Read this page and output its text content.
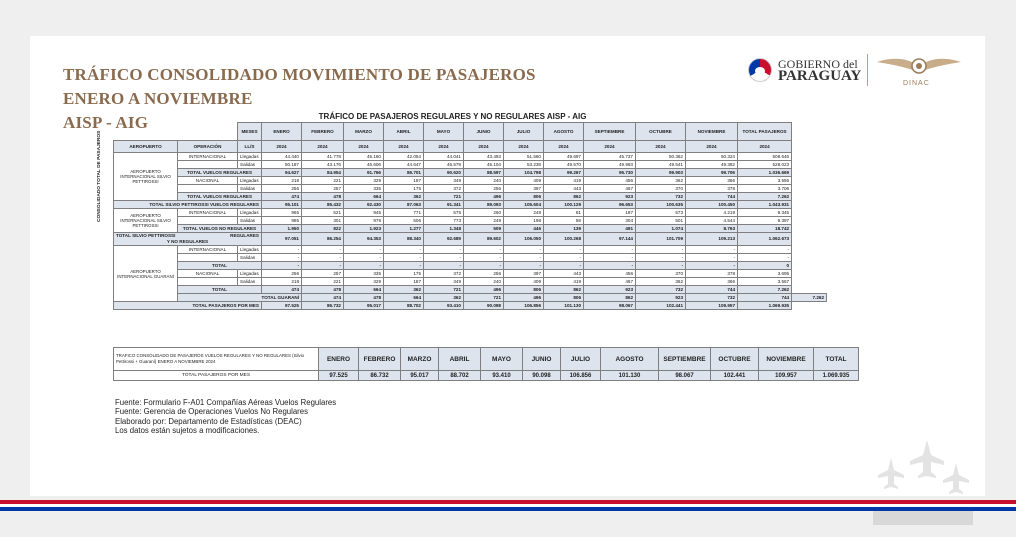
TRÁFICO CONSOLIDADO MOVIMIENTO DE PASAJEROS
ENERO A NOVIEMBRE
AISP - AIG
GOBIERNO del
PARAGUAY	DINAC
CONSOLIDADO TOTAL DE PASAJEROS
TRÁFICO DE PASAJEROS REGULARES Y NO REGULARES AISP - AIG															
		MESES	ENERO	FEBRERO	MARZO	ABRIL	MAYO	JUNIO	JULIO	AGOSTO	SEPTIEMBRE	OCTUBRE	NOVIEMBRE	TOTAL PASAJEROS	
AEROPUERTO	OPERACIÓN	LL/S	2024	2024	2024	2024	2024	2024	2024	2024	2024	2024	2024	2024	
AEROPUERTO INTERNACIONAL SILVIO PETTIROSSI	INTERNACIONAL	Llegadas	44.440	41.778	45.160	42.054	44.041	43.493	51.560	49.697	45.737	50.362	50.324	508.646	
		Salidas	50.187	43.176	46.606	44.647	46.579	45.104	53.238	49.570	49.993	49.541	49.382	528.023	
	TOTAL VUELOS REGULARES		94.627	84.954	91.766	86.701	90.620	88.597	104.798	99.267	95.730	99.903	99.706	1.036.669	
	NACIONAL	Llegadas	218	221	329	187	349	240	409	419	456	362	366	3.556	
		Salidas	256	257	335	175	372	256	397	443	467	370	378	3.706	
	TOTAL VUELOS REGULARES		474	478	664	362	721	496	806	862	923	732	744	7.262	
TOTAL SILVIO PETTIROSSI VUELOS REGULARES			95.101	85.432	92.430	87.063	91.341	89.093	105.604	100.129	96.653	100.635	100.450	1.043.931	
AEROPUERTO INTERNACIONAL SILVIO PETTIROSSI	INTERNACIONAL	Llegadas	965	521	945	771	575	260	248	81	187	573	4.219	9.345	
		Salidas	985	301	978	506	773	249	198	58	304	501	4.544	9.397	
	TOTAL VUELOS NO REGULARES		1.950	822	1.923	1.277	1.348	509	446	139	491	1.074	8.763	18.742	
TOTAL SILVIO PETTIROSSI REGULARES
Y NO REGULARES			97.051	86.254	94.353	88.340	92.689	89.602	106.050	100.268	97.144	101.709	109.213	1.062.673	
AEROPUERTO INTERNACIONAL GUARANÍ	INTERNACIONAL	Llegadas	-	-	-	-	-	-	-	-	-	-	-	-	
		Salidas	-	-	-	-	-	-	-	-	-	-	-	-	
	TOTAL		-	-	-	-	-	-	-	-	-	-	-	0	
	NACIONAL	Llegadas	256	257	335	175	372	256	397	443	456	370	378	3.695	
		Salidas	218	221	329	187	349	240	409	419	467	362	366	3.567	
	TOTAL		474	478	664	362	721	496	806	862	923	732	744	7.262	
	TOTAL GUARANÍ			474	478	664	362	721	496	806	862	923	732	744	7.262
TOTAL PASAJEROS POR MES			97.525	86.732	95.017	88.702	93.410	90.098	106.856	101.130	98.067	102.441	109.957	1.069.935	
TRAFICO CONSOLIDADO DE PASAJEROS VUELOS REGULARES Y NO REGULARES (Silvio Pettirossi + Guaraní) ENERO A NOVIEMBRE 2024	ENERO	FEBRERO	MARZO	ABRIL	MAYO	JUNIO	JULIO	AGOSTO	SEPTIEMBRE	OCTUBRE	NOVIEMBRE	TOTAL
TOTAL PASAJEROS POR MES	97.525	86.732	95.017	88.702	93.410	90.098	106.856	101.130	98.067	102.441	109.957	1.069.935
Fuente: Formulario F-A01 Compañías Aéreas Vuelos Regulares
Fuente: Gerencia de Operaciones Vuelos No Regulares
Elaborado por: Departamento de Estadísticas (DEAC)
Los datos están sujetos a modificaciones.
